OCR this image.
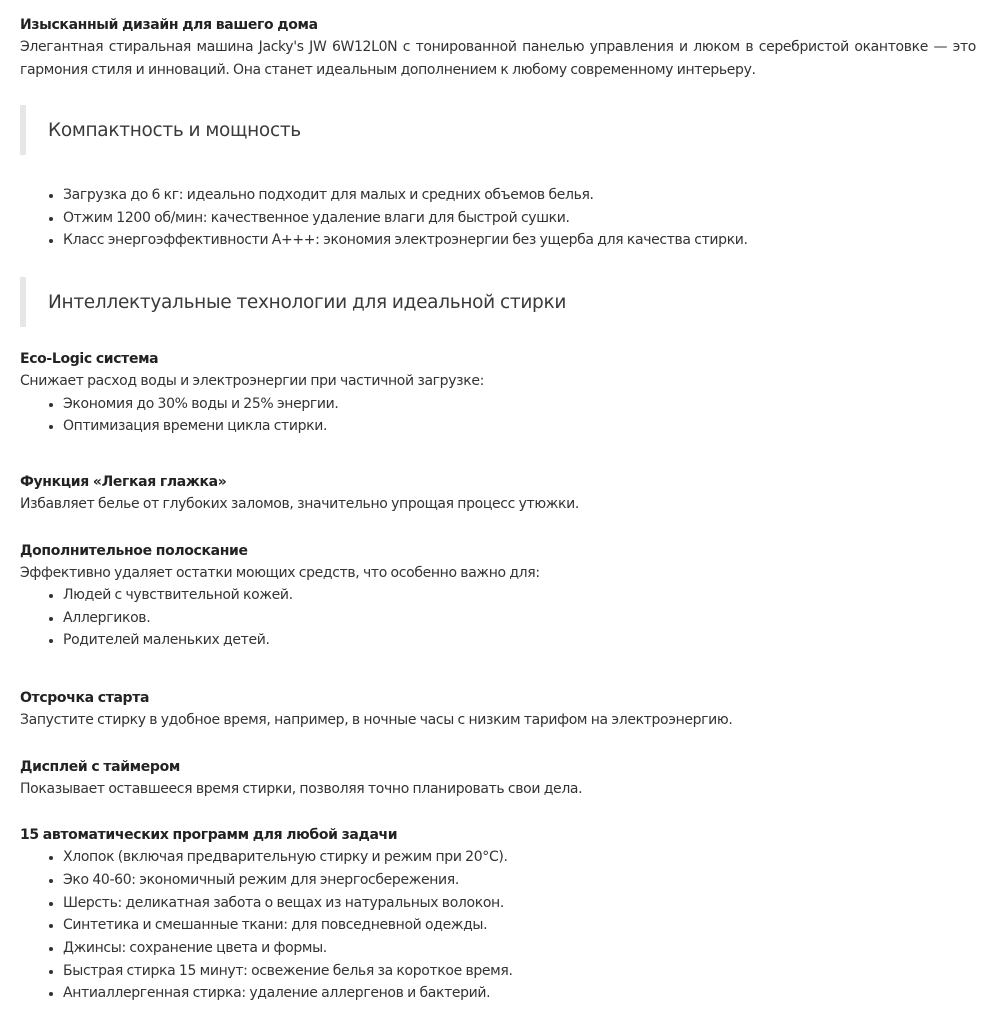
Изысканный дизайн для вашего дома

Элегантная стиральная машина Jacky's JW 6W12L0N с тонированной панелью управления и люком в серебристой окантовке — это гармония стиля и инноваций. Она станет идеальным дополнением к любому современному интерьеру.

Компактность и мощность
• Загрузка до 6 кг: идеально подходит для малых и средних объемов белья.
• Отжим 1200 об/мин: качественное удаление влаги для быстрой сушки.
• Класс энергоэффективности A+++: экономия электроэнергии без ущерба для качества стирки.
Интеллектуальные технологии для идеальной стирки

Eco-Logic система

Снижает расход воды и электроэнергии при частичной загрузке:

• Экономия до 30% воды и 25% энергии.
• Оптимизация времени цикла стирки.

Функция «Легкая глажка»

Избавляет белье от глубоких заломов, значительно упрощая процесс утюжки.

Дополнительное полоскание

Эффективно удаляет остатки моющих средств, что особенно важно для:

• Людей с чувствительной кожей.
• Аллергиков.
• Родителей маленьких детей.

Отсрочка старта

Запустите стирку в удобное время, например, в ночные часы с низким тарифом на электроэнергию.

Дисплей с таймером

Показывает оставшееся время стирки, позволяя точно планировать свои дела.

15 автоматических программ для любой задачи

• Хлопок (включая предварительную стирку и режим при 20°C).
• Эко 40-60: экономичный режим для энергосбережения.
• Шерсть: деликатная забота о вещах из натуральных волокон.
• Синтетика и смешанные ткани: для повседневной одежды.
• Джинсы: сохранение цвета и формы.
• Быстрая стирка 15 минут: освежение белья за короткое время.
• Антиаллергенная стирка: удаление аллергенов и бактерий.
